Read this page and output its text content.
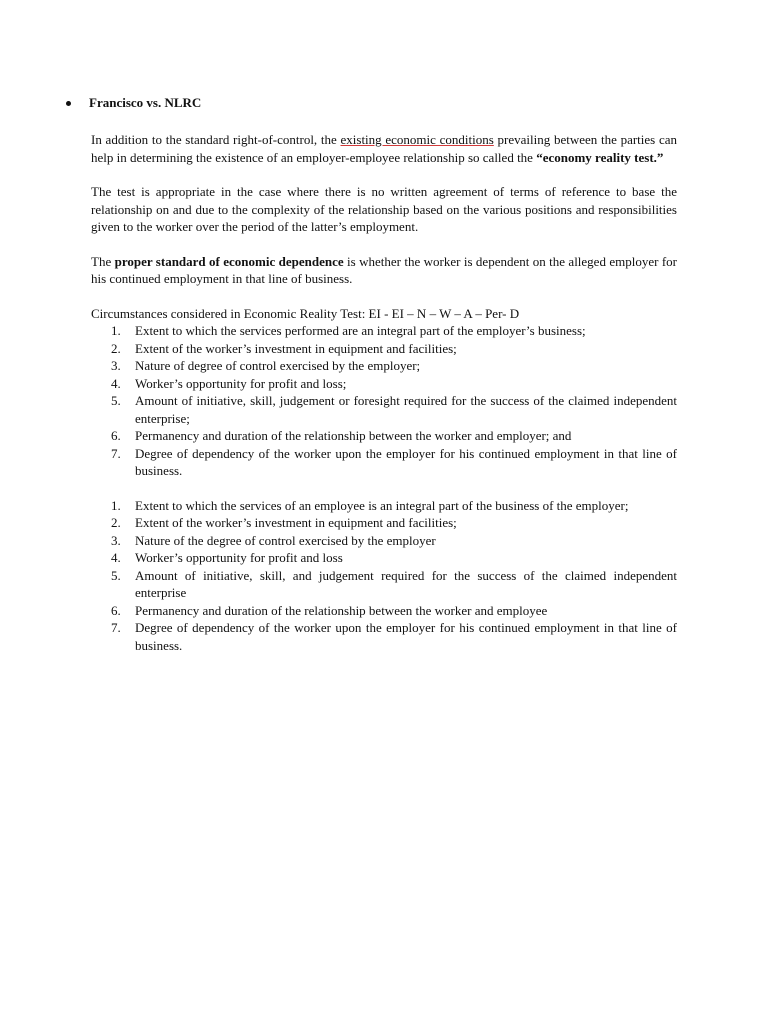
Francisco vs. NLRC

In addition to the standard right-of-control, the existing economic conditions prevailing between the parties can help in determining the existence of an employer-employee relationship so called the “economy reality test.”

The test is appropriate in the case where there is no written agreement of terms of reference to base the relationship on and due to the complexity of the relationship based on the various positions and responsibilities given to the worker over the period of the latter’s employment.

The proper standard of economic dependence is whether the worker is dependent on the alleged employer for his continued employment in that line of business.

Circumstances considered in Economic Reality Test: EI - EI – N – W – A – Per- D

1. Extent to which the services performed are an integral part of the employer’s business;
2. Extent of the worker’s investment in equipment and facilities;
3. Nature of degree of control exercised by the employer;
4. Worker’s opportunity for profit and loss;
5. Amount of initiative, skill, judgement or foresight required for the success of the claimed independent enterprise;
6. Permanency and duration of the relationship between the worker and employer; and
7. Degree of dependency of the worker upon the employer for his continued employment in that line of business.
1. Extent to which the services of an employee is an integral part of the business of the employer;
2. Extent of the worker’s investment in equipment and facilities;
3. Nature of the degree of control exercised by the employer
4. Worker’s opportunity for profit and loss
5. Amount of initiative, skill, and judgement required for the success of the claimed independent enterprise
6. Permanency and duration of the relationship between the worker and employee
7. Degree of dependency of the worker upon the employer for his continued employment in that line of business.
